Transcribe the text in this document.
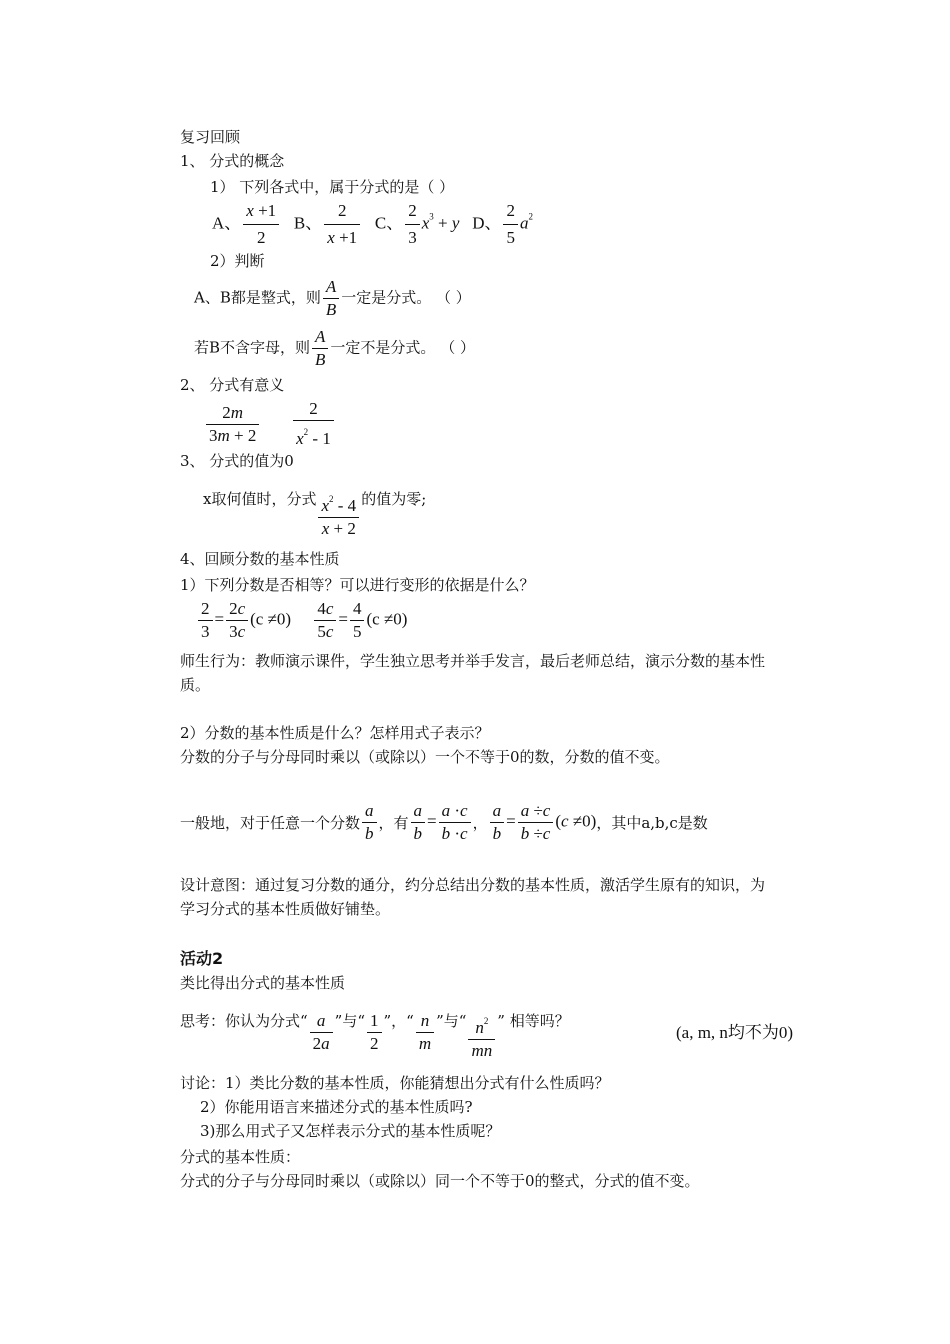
复习回顾
1、 分式的概念
1） 下列各式中，属于分式的是（ ）
A、 $\frac{x +1}{2}$ B、 $\frac{2}{x +1}$ C、 $\frac{2}{3} x^3 + y$ D、 $\frac{2}{5} a^2$
2）判断
A、B都是整式，则 $\frac{A}{B}$ 一定是分式。 （ ）
若B不含字母，则 $\frac{A}{B}$ 一定不是分式。 （ ）
2、 分式有意义
$\frac{2m}{3m + 2}$
$\frac{2}{x^2 - 1}$
3、 分式的值为0
x取何值时，分式 $\frac{x^2 - 4}{x + 2}$ 的值为零;
4、回顾分数的基本性质
1）下列分数是否相等？可以进行变形的依据是什么？
$\frac{2}{3} = \frac{2c}{3c} (c \ne 0) \frac{4c}{5c} = \frac{4}{5} (c \ne 0)$
师生行为：教师演示课件，学生独立思考并举手发言，最后老师总结，演示分数的基本性
质。
2）分数的基本性质是什么？怎样用式子表示？
分数的分子与分母同时乘以（或除以）一个不等于0的数，分数的值不变。
一般地，对于任意一个分数 $\frac{a}{b}$ ，有 $\frac{a}{b} = \frac{a \cdot c}{b \cdot c}$ ， $\frac{a}{b} = \frac{a \div c}{b \div c} (c \ne 0)$，其中a,b,c是数
设计意图：通过复习分数的通分，约分总结出分数的基本性质，激活学生原有的知识，为
学习分式的基本性质做好铺垫。
活动2
类比得出分式的基本性质
思考：你认为分式“ $\frac{a}{2a}$ ”与“ $\frac{1}{2}$ ”，“ $\frac{n}{m}$ ”与“ $\frac{n^2}{mn}$ ” 相等吗？
(a, m, n均不为0)
讨论：1）类比分数的基本性质，你能猜想出分式有什么性质吗？
2）你能用语言来描述分式的基本性质吗?
3)那么用式子又怎样表示分式的基本性质呢？
分式的基本性质：
分式的分子与分母同时乘以（或除以）同一个不等于0的整式，分式的值不变。
